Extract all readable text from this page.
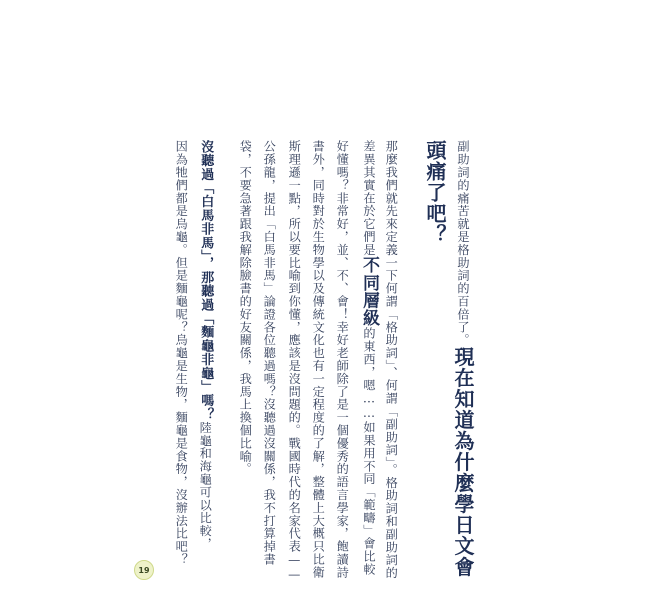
副助詞的痛苦就是格助詞的百倍了。現在知道為什麼學日文會
頭痛了吧？
那麼我們就先來定義一下何謂「格助詞」、何謂「副助詞」。格助詞和副助詞的
差異其實在於它們是不同層級的東西，嗯……如果用不同「範疇」會比較
好懂嗎？非常好，並、不、會！幸好老師除了是一個優秀的語言學家，飽讀詩
書外，同時對於生物學以及傳統文化也有一定程度的了解，整體上大概只比衛
斯理遜一點，所以要比喻到你懂，應該是沒問題的。戰國時代的名家代表——
公孫龍，提出「白馬非馬」論證各位聽過嗎？沒聽過沒關係，我不打算掉書
袋，不要急著跟我解除臉書的好友關係，我馬上換個比喻。
沒聽過「白馬非馬」，那聽過「麵龜非龜」嗎？陸龜和海龜可以比較，
因為牠們都是烏龜。但是麵龜呢？烏龜是生物，麵龜是食物，沒辦法比吧？
19
